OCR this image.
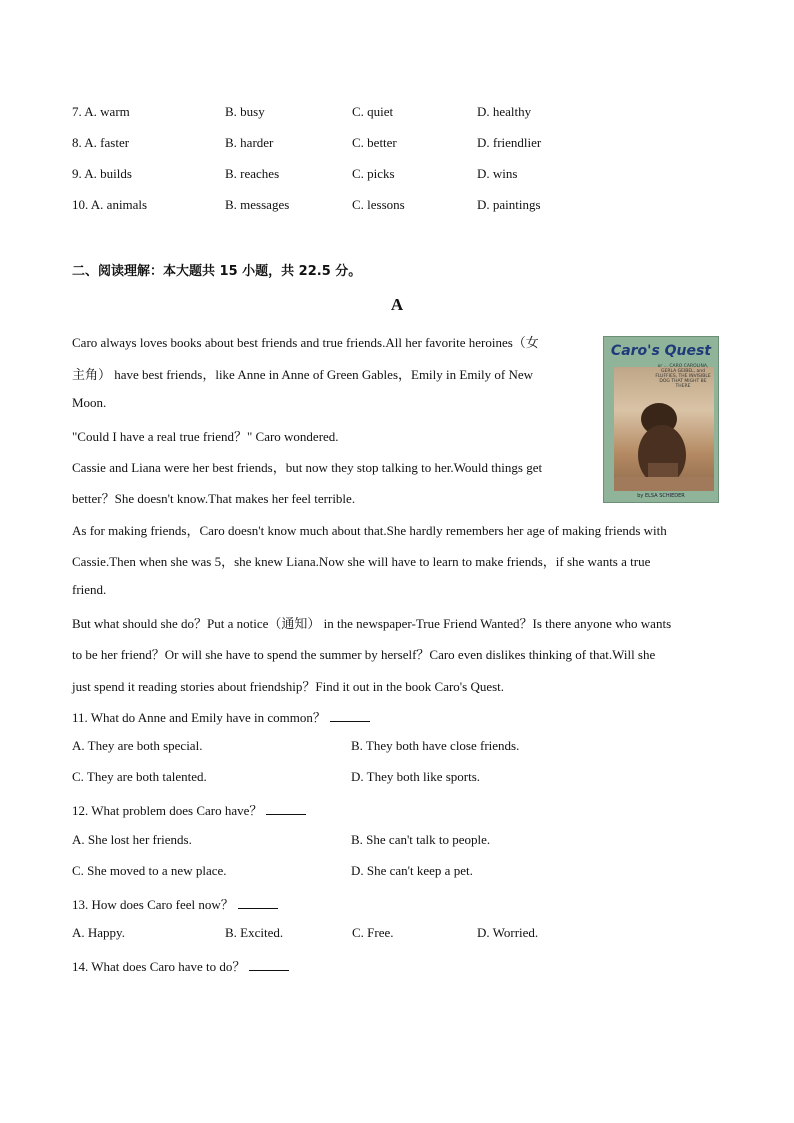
7. A. warm	B. busy	C. quiet	D. healthy
8. A. faster	B. harder	C. better	D. friendlier
9. A. builds	B. reaches	C. picks	D. wins
10. A. animals	B. messages	C. lessons	D. paintings
二、阅读理解：本大题共 15 小题，共 22.5 分。
A
Caro always loves books about best friends and true friends.All her favorite heroines（女
主角） have best friends，like Anne in Anne of Green Gables，Emily in Emily of New
Moon.
"Could I have a real true friend？" Caro wondered.
Cassie and Liana were her best friends，but now they stop talking to her.Would things get
better？She doesn't know.That makes her feel terrible.
As for making friends，Caro doesn't know much about that.She hardly remembers her age of making friends with
Cassie.Then when she was 5，she knew Liana.Now she will have to learn to make friends，if she wants a true
friend.
But what should she do？Put a notice（通知） in the newspaper-True Friend Wanted？Is there anyone who wants
to be her friend？Or will she have to spend the summer by herself？Caro even dislikes thinking of that.Will she
just spend it reading stories about friendship？Find it out in the book Caro's Quest.
Caro's Quest
or ... CARO CAROLINA, GERLA GEIBEL, and FLUFFIES, THE INVISIBLE DOG THAT MIGHT BE THERE
by ELSA SCHIEDER
11. What do Anne and Emily have in common？
A. They are both special.	B. They both have close friends.
C. They are both talented.	D. They both like sports.
12. What problem does Caro have？
A. She lost her friends.	B. She can't talk to people.
C. She moved to a new place.	D. She can't keep a pet.
13. How does Caro feel now？
A. Happy.	B. Excited.	C. Free.	D. Worried.
14. What does Caro have to do？
